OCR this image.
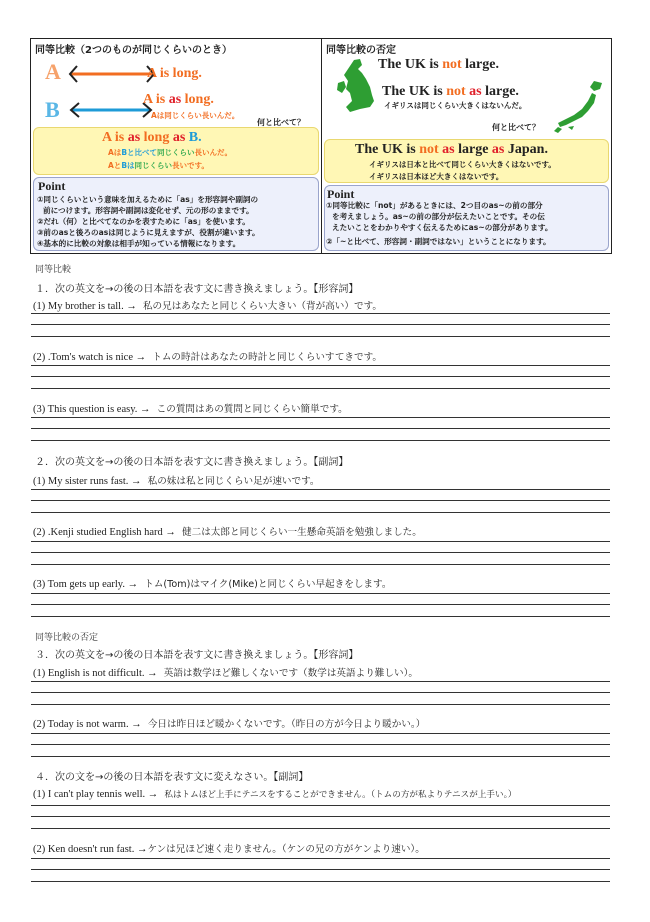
同等比較（2つのものが同じくらいのとき）
A	A is long.
B	A is as long.
Aは同じくらい長いんだ。
何と比べて？
A is as long as B.
AはBと比べて同じくらい長いんだ。
AとBは同じくらい長いです。
Point
①同じくらいという意味を加えるために「as」を形容詞や副詞の
前につけます。形容詞や副詞は変化せず、元の形のままです。
②だれ（何）と比べてなのかを表すために「as」を使います。
③前のasと後ろのasは同じように見えますが、役割が違います。
④基本的に比較の対象は相手が知っている情報になります。
同等比較の否定
The UK is not large.
The UK is not as large.
イギリスは同じくらい大きくはないんだ。
何と比べて？
The UK is not as large as Japan.
イギリスは日本と比べて同じくらい大きくはないです。
イギリスは日本ほど大きくはないです。
Point
①同等比較に「not」があるときには、2つ目のas~の前の部分
を考えましょう。as~の前の部分が伝えたいことです。その伝
えたいことをわかりやすく伝えるためにas~の部分があります。
②「~と比べて、形容詞・副詞ではない」ということになります。
同等比較
１．次の英文を→の後の日本語を表す文に書き換えましょう。【形容詞】
(1) My brother is tall. → 私の兄はあなたと同じくらい大きい（背が高い）です。
(2) .Tom's watch is nice → トムの時計はあなたの時計と同じくらいすてきです。
(3) This question is easy. → この質問はあの質問と同じくらい簡単です。
２．次の英文を→の後の日本語を表す文に書き換えましょう。【副詞】
(1) My sister runs fast. → 私の妹は私と同じくらい足が速いです。
(2) .Kenji studied English hard → 健二は太郎と同じくらい一生懸命英語を勉強しました。
(3) Tom gets up early. → トム(Tom)はマイク(Mike)と同じくらい早起きをします。
同等比較の否定
３．次の英文を→の後の日本語を表す文に書き換えましょう。【形容詞】
(1) English is not difficult. → 英語は数学ほど難しくないです（数学は英語より難しい）。
(2) Today is not warm. → 今日は昨日ほど暖かくないです。（昨日の方が今日より暖かい。）
４．次の文を→の後の日本語を表す文に変えなさい。【副詞】
(1) I can't play tennis well. → 私はトムほど上手にテニスをすることができません。（トムの方が私よりテニスが上手い。）
(2) Ken doesn't run fast. →ケンは兄ほど速く走りません。（ケンの兄の方がケンより速い）。
